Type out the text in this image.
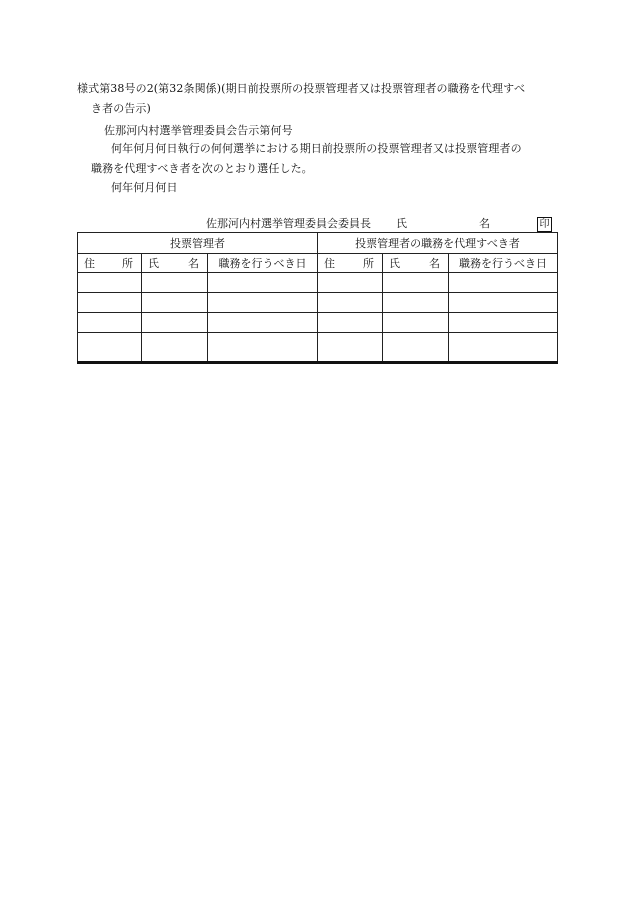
様式第38号の2(第32条関係)(期日前投票所の投票管理者又は投票管理者の職務を代理すべ
き者の告示)
佐那河内村選挙管理委員会告示第何号
何年何月何日執行の何何選挙における期日前投票所の投票管理者又は投票管理者の
職務を代理すべき者を次のとおり選任した。
何年何月何日
佐那河内村選挙管理委員会委員長 氏	名	印
投票管理者			投票管理者の職務を代理すべき者		

住 所	氏 名	職務を行うべき日	住 所	氏 名	職務を行うべき日
